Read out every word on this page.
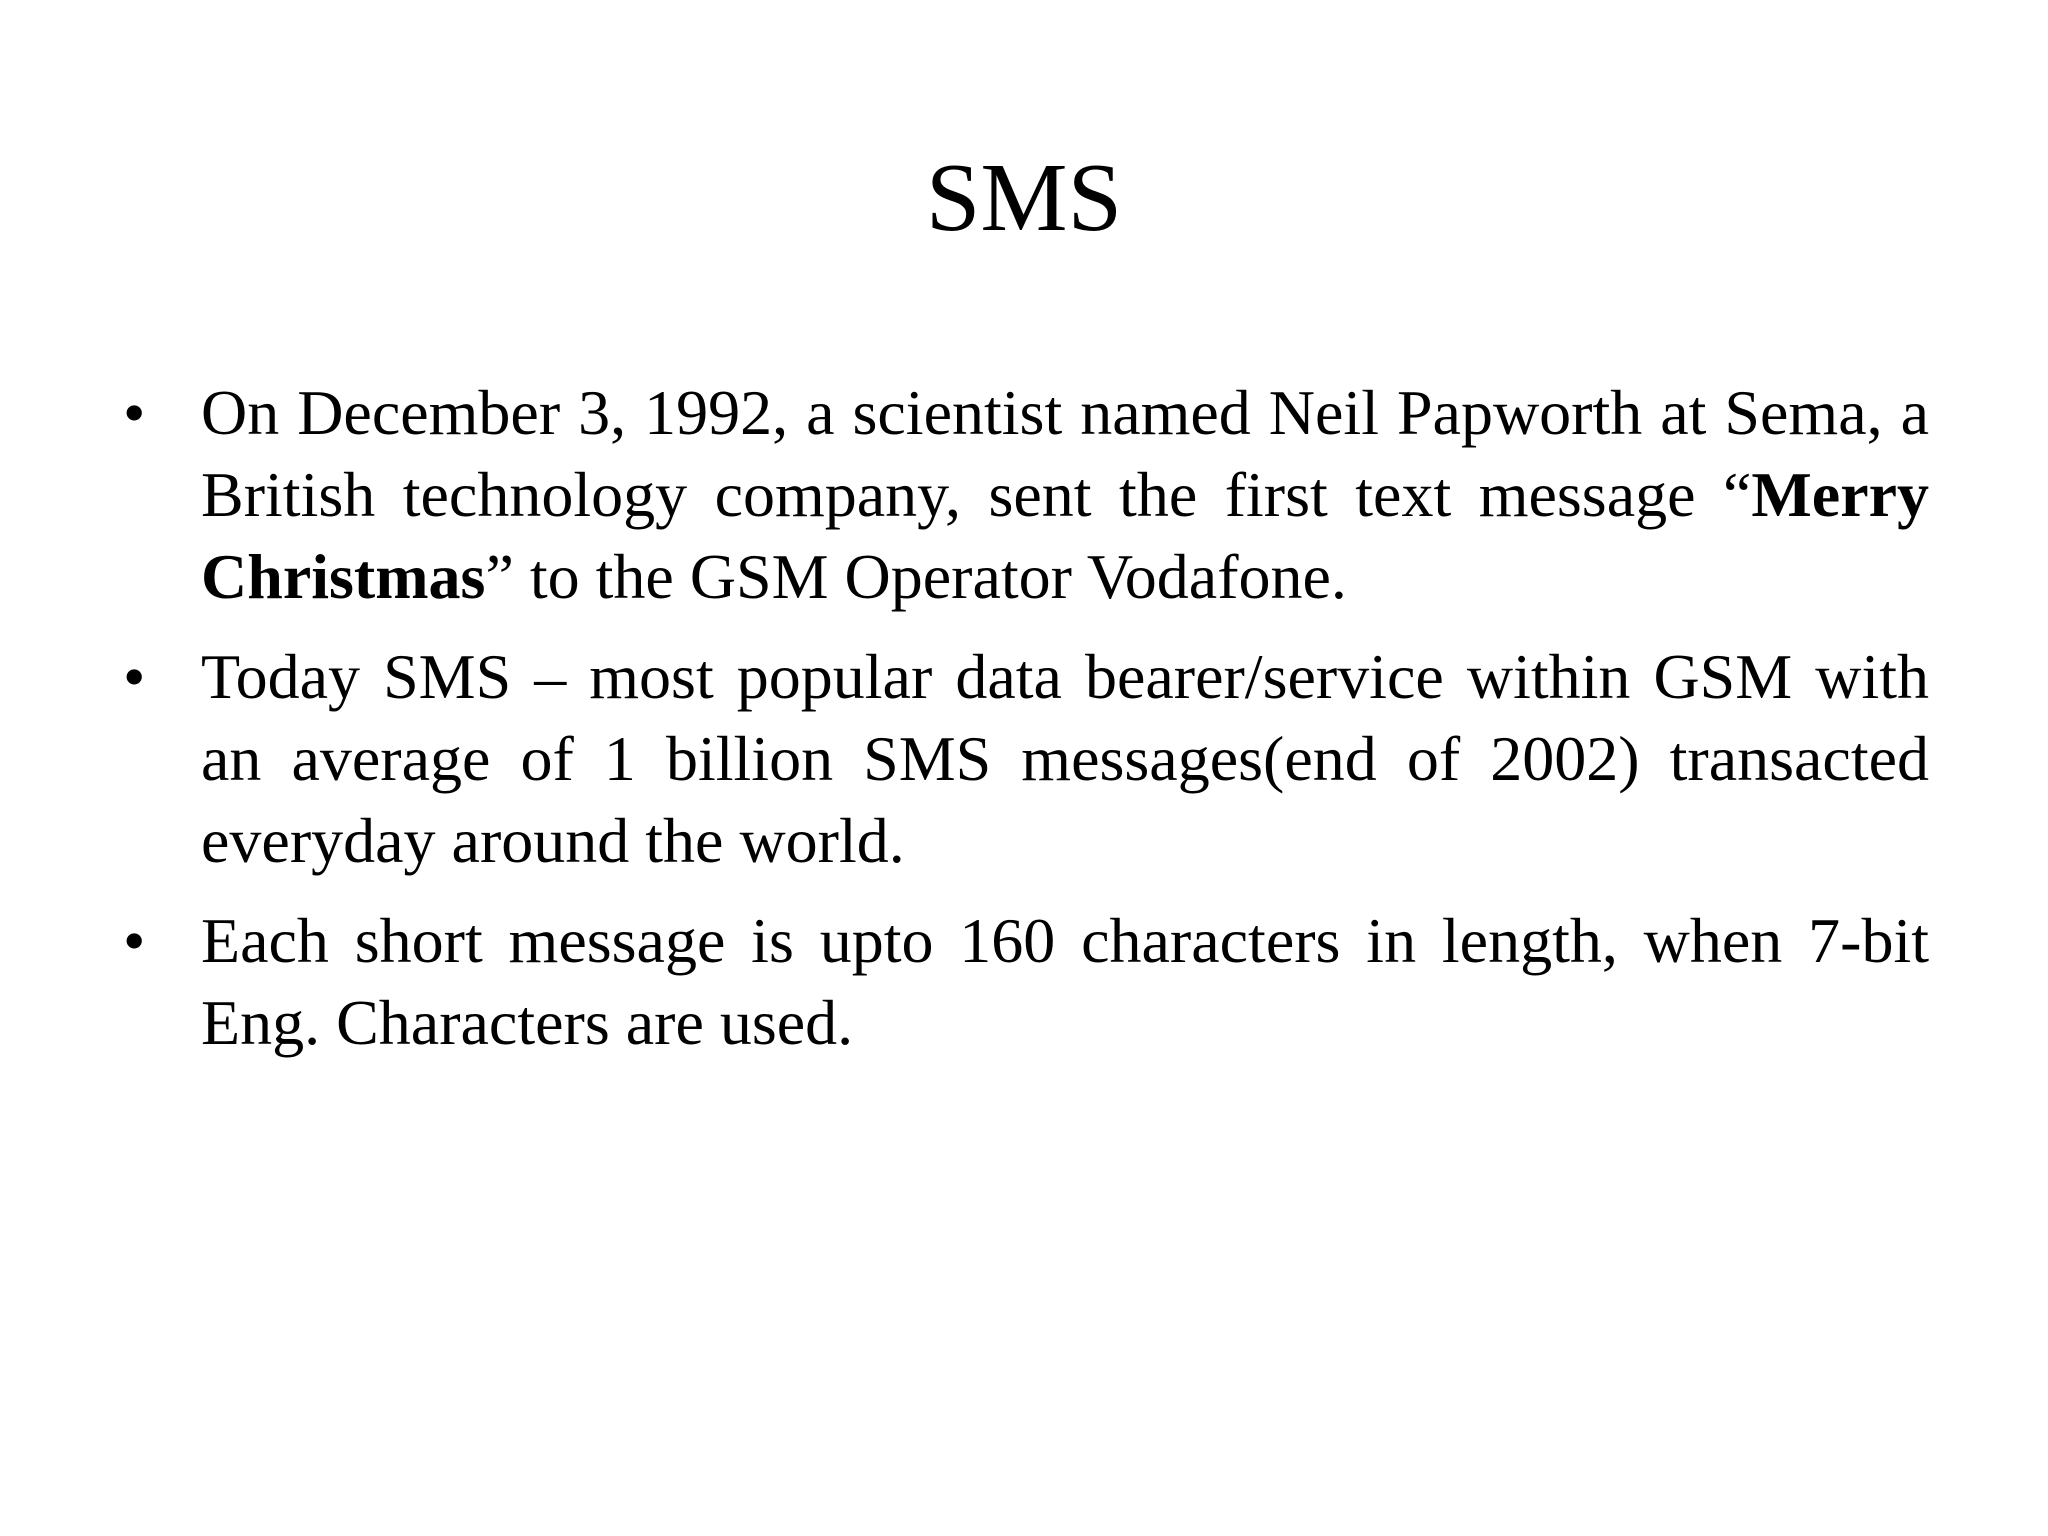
SMS
• On December 3, 1992, a scientist named Neil Papworth at Sema, a British technology company, sent the first text message “Merry Christmas” to the GSM Operator Vodafone.
• Today SMS – most popular data bearer/service within GSM with an average of 1 billion SMS messages(end of 2002) transacted everyday around the world.
• Each short message is upto 160 characters in length, when 7-bit Eng. Characters are used.
